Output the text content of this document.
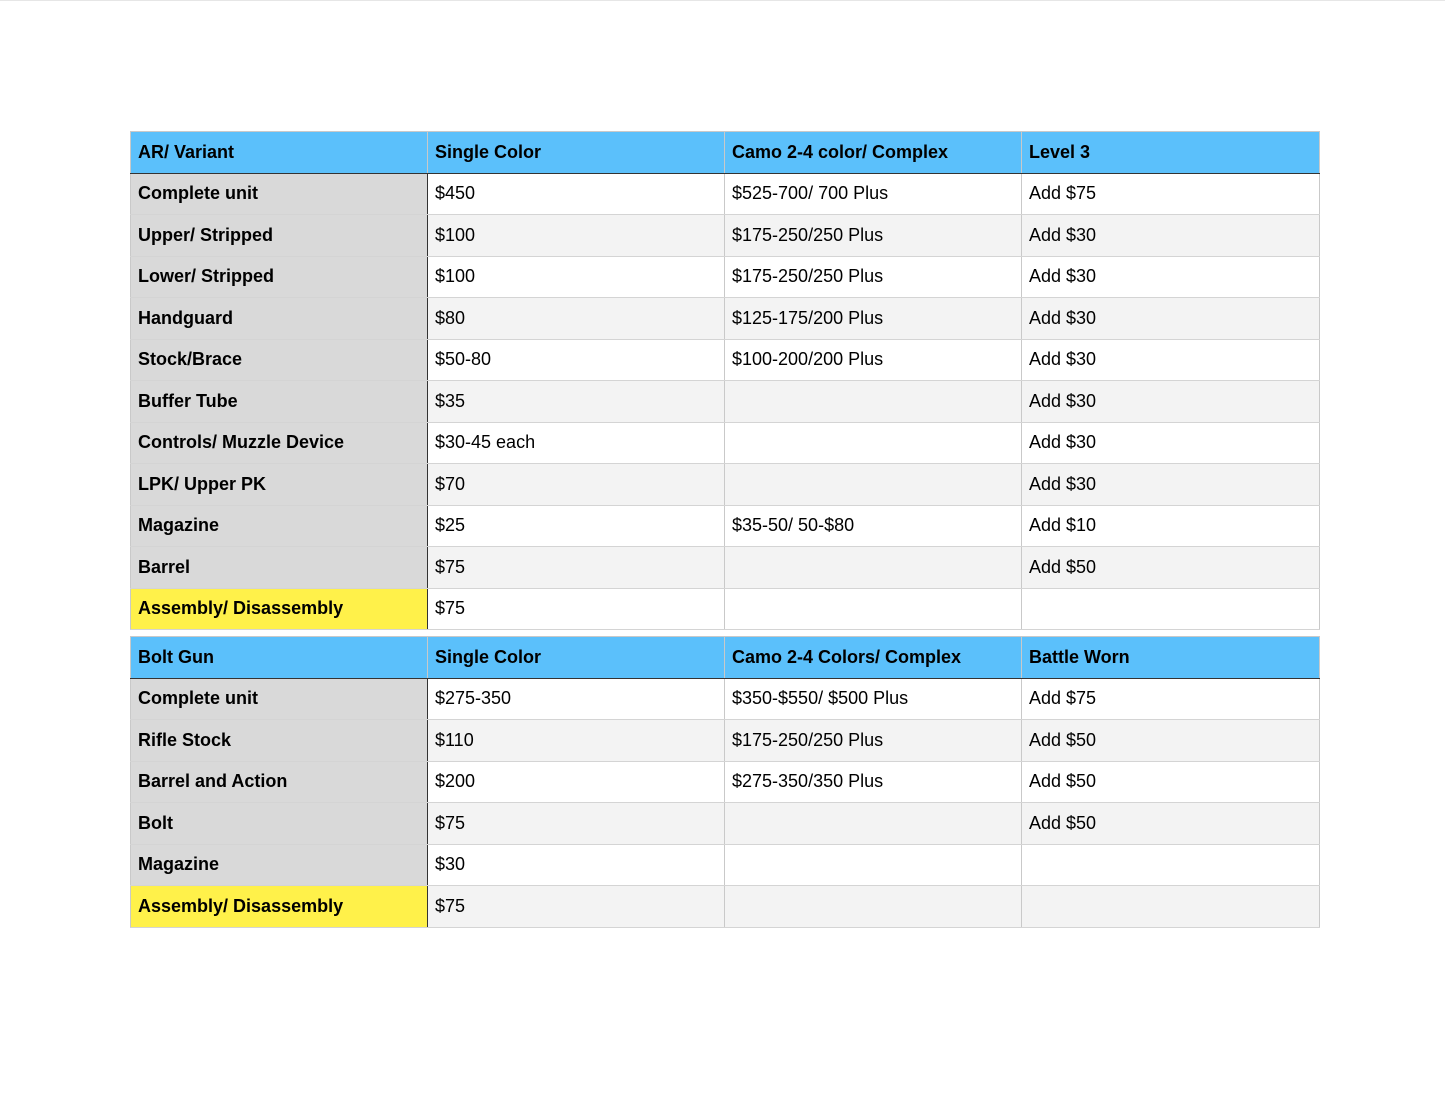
AR/ Variant	Single Color	Camo 2-4 color/ Complex	Level 3
Complete unit	$450	$525-700/ 700 Plus	Add $75
Upper/ Stripped	$100	$175-250/250 Plus	Add $30
Lower/ Stripped	$100	$175-250/250 Plus	Add $30
Handguard	$80	$125-175/200 Plus	Add $30
Stock/Brace	$50-80	$100-200/200 Plus	Add $30
Buffer Tube	$35		Add $30
Controls/ Muzzle Device	$30-45 each		Add $30
LPK/ Upper PK	$70		Add $30
Magazine	$25	$35-50/ 50-$80	Add $10
Barrel	$75		Add $50
Assembly/ Disassembly	$75		
Bolt Gun	Single Color	Camo 2-4 Colors/ Complex	Battle Worn
Complete unit	$275-350	$350-$550/ $500 Plus	Add $75
Rifle Stock	$110	$175-250/250 Plus	Add $50
Barrel and Action	$200	$275-350/350 Plus	Add $50
Bolt	$75		Add $50
Magazine	$30		
Assembly/ Disassembly	$75		
